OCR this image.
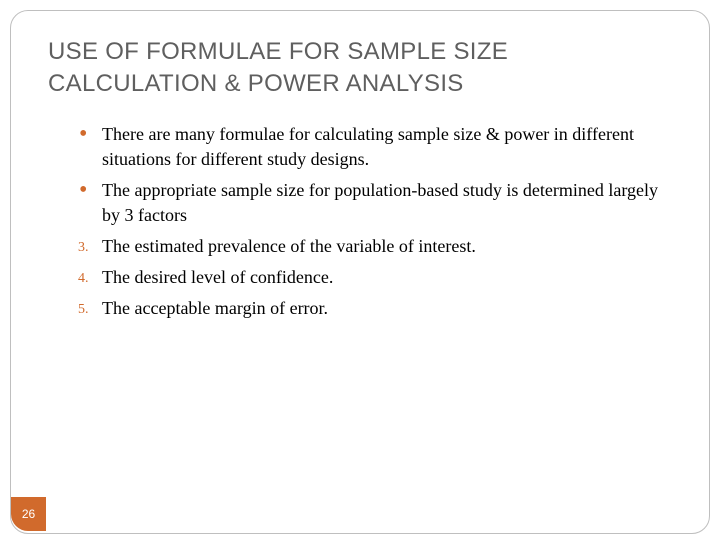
USE OF FORMULAE FOR SAMPLE SIZE
CALCULATION & POWER ANALYSIS
• There are many formulae for calculating sample size & power in different situations for different study designs.
• The appropriate sample size for population-based study is determined largely by 3 factors
3. The estimated prevalence of the variable of interest.
4. The desired level of confidence.
5. The acceptable margin of error.
26
